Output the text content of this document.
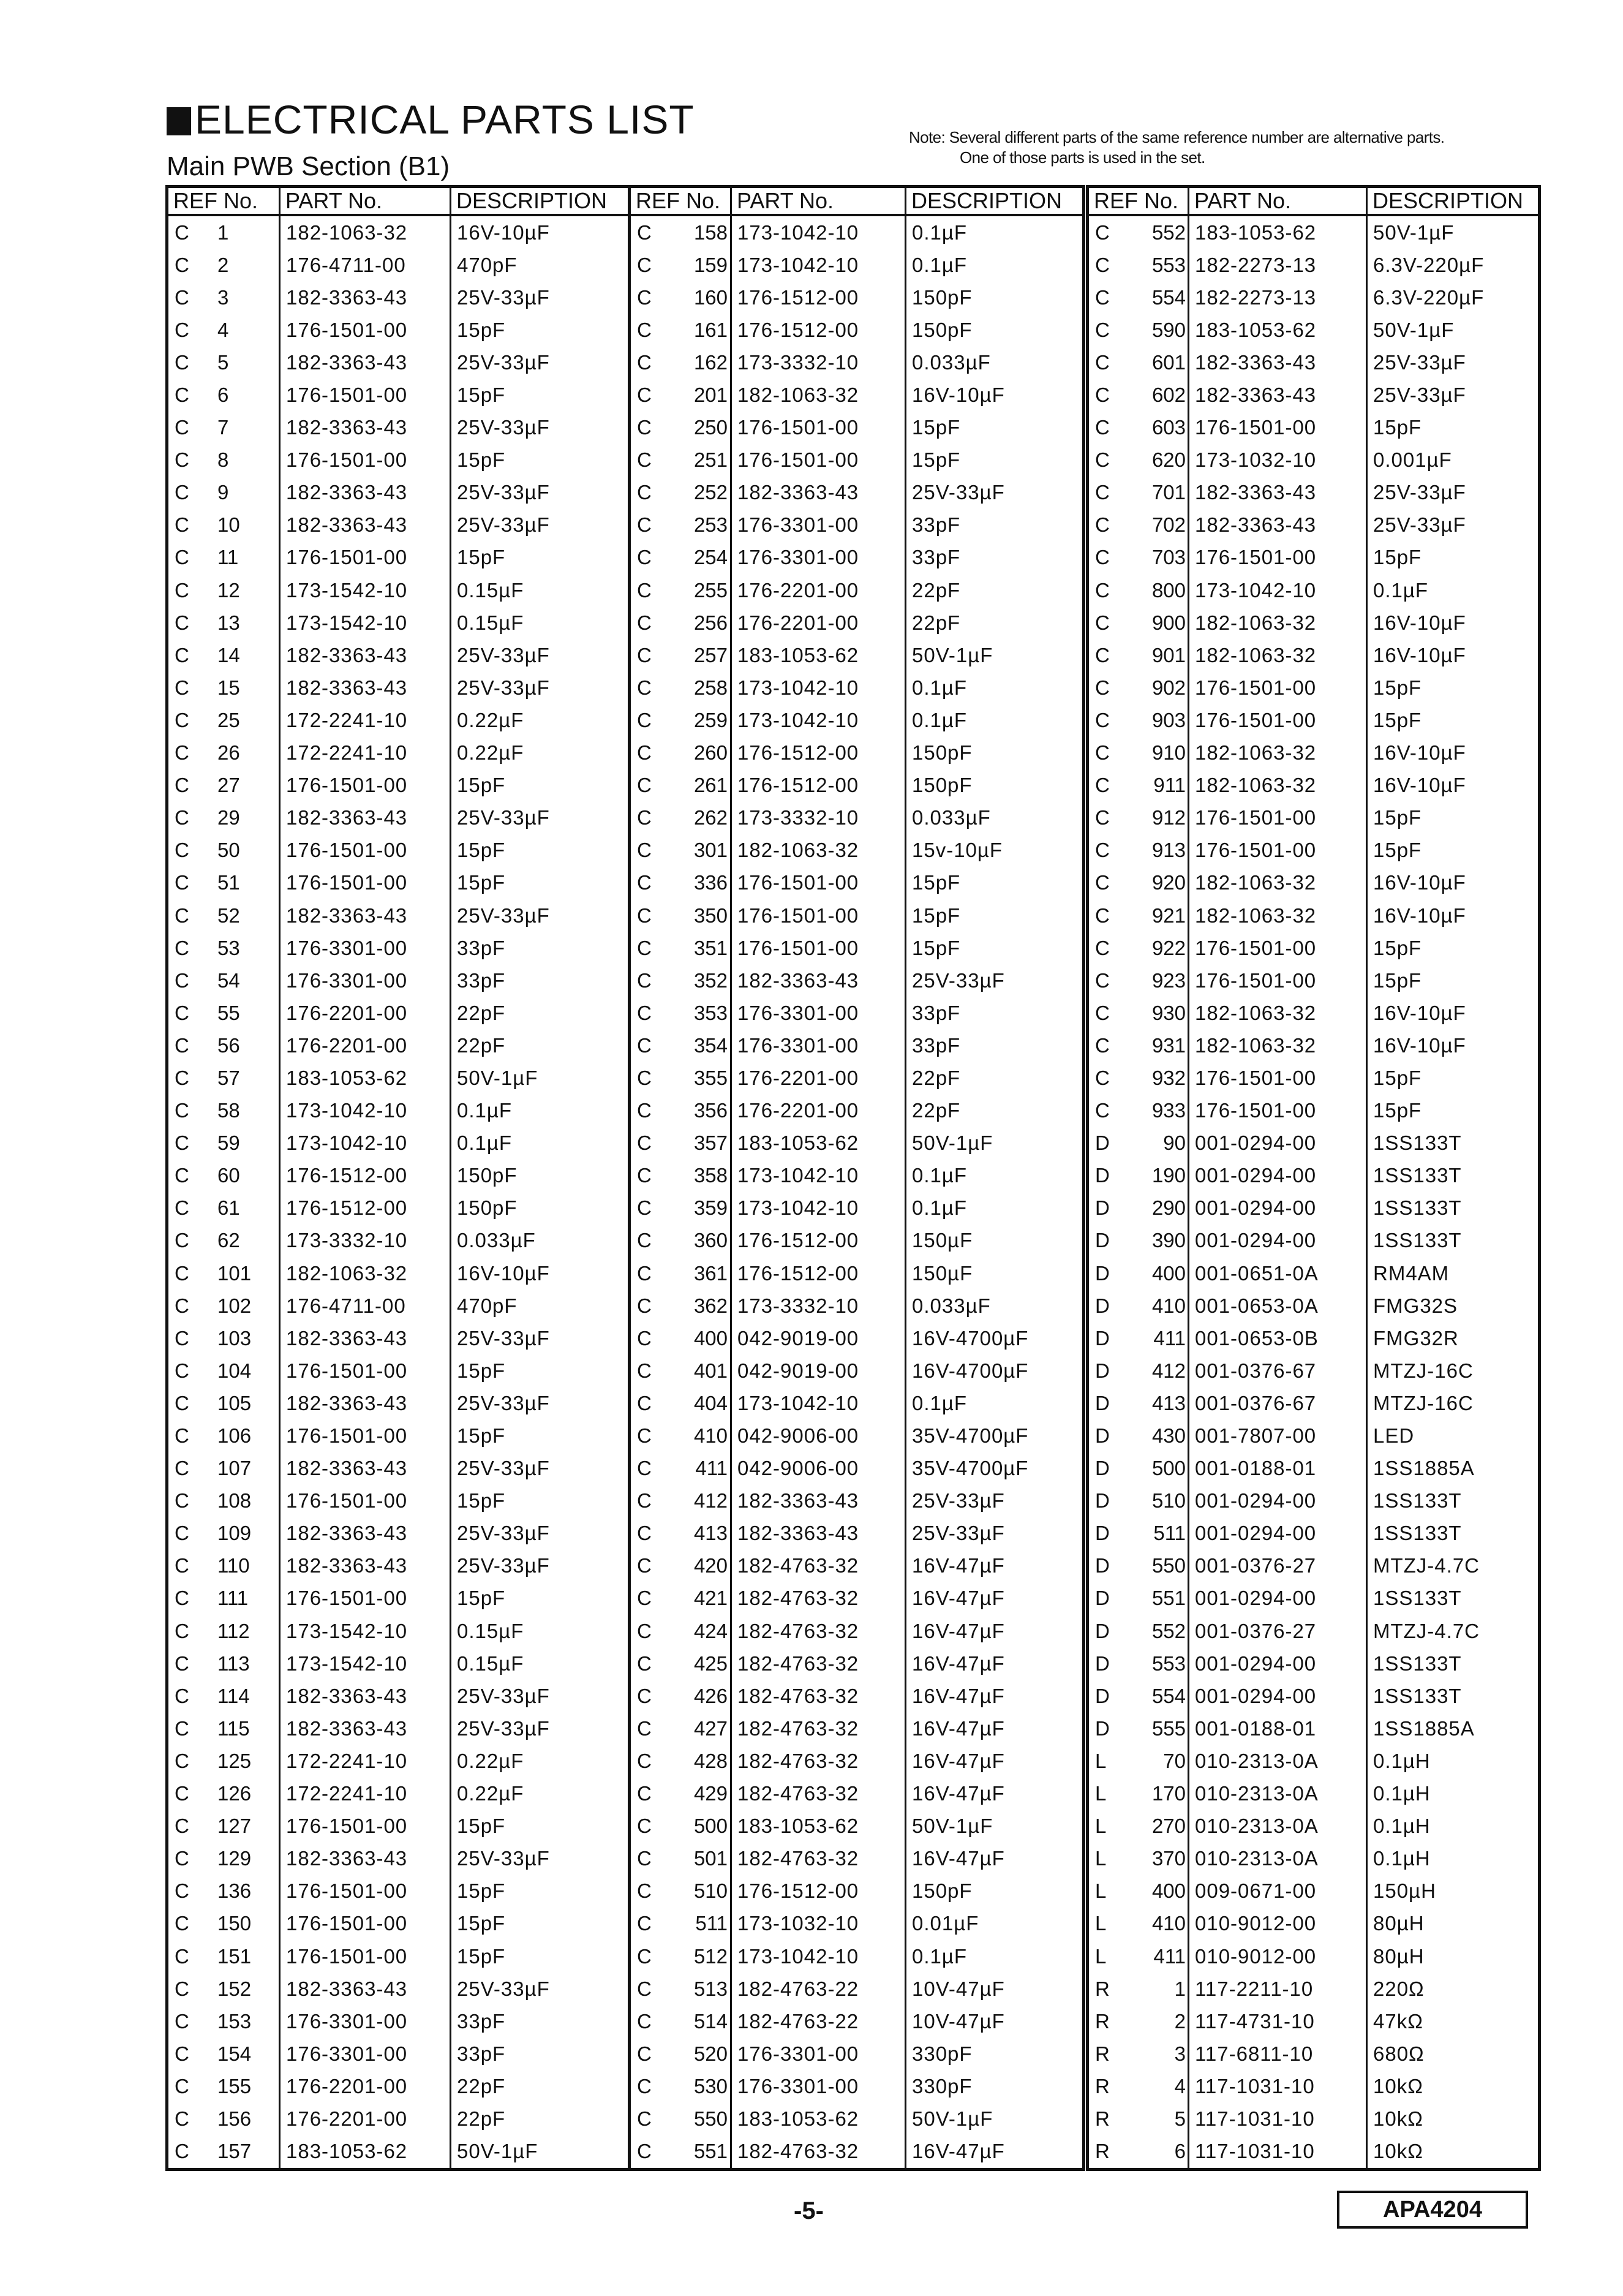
ELECTRICAL PARTS LIST
Main PWB Section (B1)
Note: Several different parts of the same reference number are alternative parts.
One of those parts is used in the set.
REF No.	PART No.	DESCRIPTION
C 1	182-1063-32	16V-10µF
C 2	176-4711-00	470pF
C 3	182-3363-43	25V-33µF
C 4	176-1501-00	15pF
C 5	182-3363-43	25V-33µF
C 6	176-1501-00	15pF
C 7	182-3363-43	25V-33µF
C 8	176-1501-00	15pF
C 9	182-3363-43	25V-33µF
C 10	182-3363-43	25V-33µF
C 11	176-1501-00	15pF
C 12	173-1542-10	0.15µF
C 13	173-1542-10	0.15µF
C 14	182-3363-43	25V-33µF
C 15	182-3363-43	25V-33µF
C 25	172-2241-10	0.22µF
C 26	172-2241-10	0.22µF
C 27	176-1501-00	15pF
C 29	182-3363-43	25V-33µF
C 50	176-1501-00	15pF
C 51	176-1501-00	15pF
C 52	182-3363-43	25V-33µF
C 53	176-3301-00	33pF
C 54	176-3301-00	33pF
C 55	176-2201-00	22pF
C 56	176-2201-00	22pF
C 57	183-1053-62	50V-1µF
C 58	173-1042-10	0.1µF
C 59	173-1042-10	0.1µF
C 60	176-1512-00	150pF
C 61	176-1512-00	150pF
C 62	173-3332-10	0.033µF
C 101	182-1063-32	16V-10µF
C 102	176-4711-00	470pF
C 103	182-3363-43	25V-33µF
C 104	176-1501-00	15pF
C 105	182-3363-43	25V-33µF
C 106	176-1501-00	15pF
C 107	182-3363-43	25V-33µF
C 108	176-1501-00	15pF
C 109	182-3363-43	25V-33µF
C 110	182-3363-43	25V-33µF
C 111	176-1501-00	15pF
C 112	173-1542-10	0.15µF
C 113	173-1542-10	0.15µF
C 114	182-3363-43	25V-33µF
C 115	182-3363-43	25V-33µF
C 125	172-2241-10	0.22µF
C 126	172-2241-10	0.22µF
C 127	176-1501-00	15pF
C 129	182-3363-43	25V-33µF
C 136	176-1501-00	15pF
C 150	176-1501-00	15pF
C 151	176-1501-00	15pF
C 152	182-3363-43	25V-33µF
C 153	176-3301-00	33pF
C 154	176-3301-00	33pF
C 155	176-2201-00	22pF
C 156	176-2201-00	22pF
C 157	183-1053-62	50V-1µF
REF No.	PART No.	DESCRIPTION
C 158	173-1042-10	0.1µF
C 159	173-1042-10	0.1µF
C 160	176-1512-00	150pF
C 161	176-1512-00	150pF
C 162	173-3332-10	0.033µF
C 201	182-1063-32	16V-10µF
C 250	176-1501-00	15pF
C 251	176-1501-00	15pF
C 252	182-3363-43	25V-33µF
C 253	176-3301-00	33pF
C 254	176-3301-00	33pF
C 255	176-2201-00	22pF
C 256	176-2201-00	22pF
C 257	183-1053-62	50V-1µF
C 258	173-1042-10	0.1µF
C 259	173-1042-10	0.1µF
C 260	176-1512-00	150pF
C 261	176-1512-00	150pF
C 262	173-3332-10	0.033µF
C 301	182-1063-32	15v-10µF
C 336	176-1501-00	15pF
C 350	176-1501-00	15pF
C 351	176-1501-00	15pF
C 352	182-3363-43	25V-33µF
C 353	176-3301-00	33pF
C 354	176-3301-00	33pF
C 355	176-2201-00	22pF
C 356	176-2201-00	22pF
C 357	183-1053-62	50V-1µF
C 358	173-1042-10	0.1µF
C 359	173-1042-10	0.1µF
C 360	176-1512-00	150µF
C 361	176-1512-00	150µF
C 362	173-3332-10	0.033µF
C 400	042-9019-00	16V-4700µF
C 401	042-9019-00	16V-4700µF
C 404	173-1042-10	0.1µF
C 410	042-9006-00	35V-4700µF
C 411	042-9006-00	35V-4700µF
C 412	182-3363-43	25V-33µF
C 413	182-3363-43	25V-33µF
C 420	182-4763-32	16V-47µF
C 421	182-4763-32	16V-47µF
C 424	182-4763-32	16V-47µF
C 425	182-4763-32	16V-47µF
C 426	182-4763-32	16V-47µF
C 427	182-4763-32	16V-47µF
C 428	182-4763-32	16V-47µF
C 429	182-4763-32	16V-47µF
C 500	183-1053-62	50V-1µF
C 501	182-4763-32	16V-47µF
C 510	176-1512-00	150pF
C 511	173-1032-10	0.01µF
C 512	173-1042-10	0.1µF
C 513	182-4763-22	10V-47µF
C 514	182-4763-22	10V-47µF
C 520	176-3301-00	330pF
C 530	176-3301-00	330pF
C 550	183-1053-62	50V-1µF
C 551	182-4763-32	16V-47µF
REF No.	PART No.	DESCRIPTION
C 552	183-1053-62	50V-1µF
C 553	182-2273-13	6.3V-220µF
C 554	182-2273-13	6.3V-220µF
C 590	183-1053-62	50V-1µF
C 601	182-3363-43	25V-33µF
C 602	182-3363-43	25V-33µF
C 603	176-1501-00	15pF
C 620	173-1032-10	0.001µF
C 701	182-3363-43	25V-33µF
C 702	182-3363-43	25V-33µF
C 703	176-1501-00	15pF
C 800	173-1042-10	0.1µF
C 900	182-1063-32	16V-10µF
C 901	182-1063-32	16V-10µF
C 902	176-1501-00	15pF
C 903	176-1501-00	15pF
C 910	182-1063-32	16V-10µF
C 911	182-1063-32	16V-10µF
C 912	176-1501-00	15pF
C 913	176-1501-00	15pF
C 920	182-1063-32	16V-10µF
C 921	182-1063-32	16V-10µF
C 922	176-1501-00	15pF
C 923	176-1501-00	15pF
C 930	182-1063-32	16V-10µF
C 931	182-1063-32	16V-10µF
C 932	176-1501-00	15pF
C 933	176-1501-00	15pF
D 90	001-0294-00	1SS133T
D 190	001-0294-00	1SS133T
D 290	001-0294-00	1SS133T
D 390	001-0294-00	1SS133T
D 400	001-0651-0A	RM4AM
D 410	001-0653-0A	FMG32S
D 411	001-0653-0B	FMG32R
D 412	001-0376-67	MTZJ-16C
D 413	001-0376-67	MTZJ-16C
D 430	001-7807-00	LED
D 500	001-0188-01	1SS1885A
D 510	001-0294-00	1SS133T
D 511	001-0294-00	1SS133T
D 550	001-0376-27	MTZJ-4.7C
D 551	001-0294-00	1SS133T
D 552	001-0376-27	MTZJ-4.7C
D 553	001-0294-00	1SS133T
D 554	001-0294-00	1SS133T
D 555	001-0188-01	1SS1885A
L 70	010-2313-0A	0.1µH
L 170	010-2313-0A	0.1µH
L 270	010-2313-0A	0.1µH
L 370	010-2313-0A	0.1µH
L 400	009-0671-00	150µH
L 410	010-9012-00	80µH
L 411	010-9012-00	80µH
R 1	117-2211-10	220Ω
R 2	117-4731-10	47kΩ
R 3	117-6811-10	680Ω
R 4	117-1031-10	10kΩ
R 5	117-1031-10	10kΩ
R 6	117-1031-10	10kΩ
-5-	APA4204
